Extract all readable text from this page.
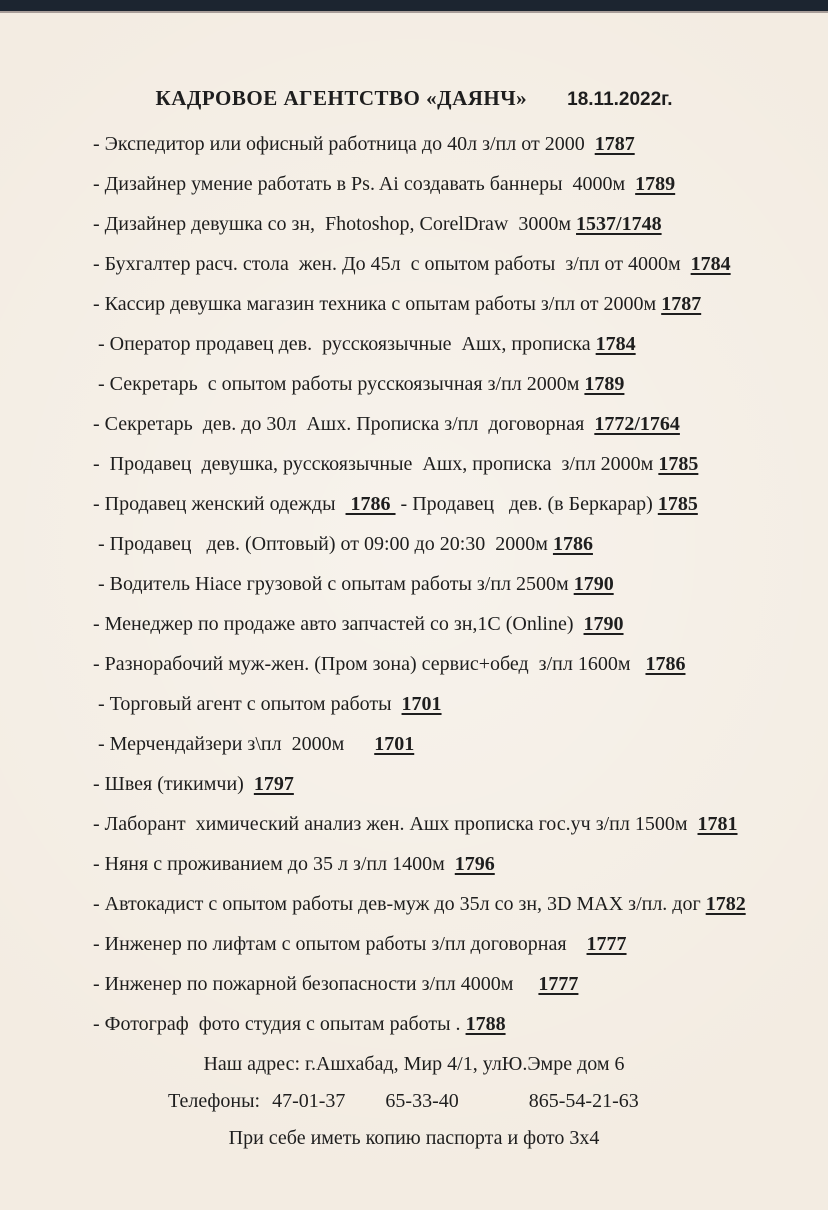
КАДРОВОЕ АГЕНТСТВО «ДАЯНЧ» 18.11.2022г.
- Экспедитор или офисный работница до 40л з/пл от 2000  1787
- Дизайнер умение работать в Ps. Ai создавать баннеры  4000м  1789
- Дизайнер девушка со зн,  Fhotoshop, CorelDraw  3000м 1537/1748
- Бухгалтер расч. стола  жен. До 45л  с опытом работы  з/пл от 4000м  1784
- Кассир девушка магазин техника с опытам работы з/пл от 2000м 1787
- Оператор продавец дев.  русскоязычные  Ашх, прописка 1784
- Секретарь  с опытом работы русскоязычная з/пл 2000м 1789
- Секретарь  дев. до 30л  Ашх. Прописка з/пл  договорная  1772/1764
-  Продавец  девушка, русскоязычные  Ашх, прописка  з/пл 2000м 1785
- Продавец женский одежды   1786  - Продавец   дев. (в Беркарар) 1785
- Продавец   дев. (Оптовый) от 09:00 до 20:30  2000м 1786
- Водитель Hiace грузовой с опытам работы з/пл 2500м 1790
- Менеджер по продаже авто запчастей со зн,1С (Online)  1790
- Разнорабочий муж-жен. (Пром зона) сервис+обед  з/пл 1600м   1786
- Торговый агент с опытом работы  1701
- Мерчендайзери з\пл  2000м      1701
- Швея (тикимчи)  1797
- Лаборант  химический анализ жен. Ашх прописка гос.уч з/пл 1500м  1781
- Няня с проживанием до 35 л з/пл 1400м  1796
- Автокадист с опытом работы дев-муж до 35л со зн, 3D MAX з/пл. дог 1782
- Инженер по лифтам с опытом работы з/пл договорная    1777
- Инженер по пожарной безопасности з/пл 4000м     1777
- Фотограф  фото студия с опытам работы . 1788
Наш адрес: г.Ашхабад, Мир 4/1, улЮ.Эмре дом 6
Телефоны: 47-01-37 65-33-40	865-54-21-63
При себе иметь копию паспорта и фото 3х4
